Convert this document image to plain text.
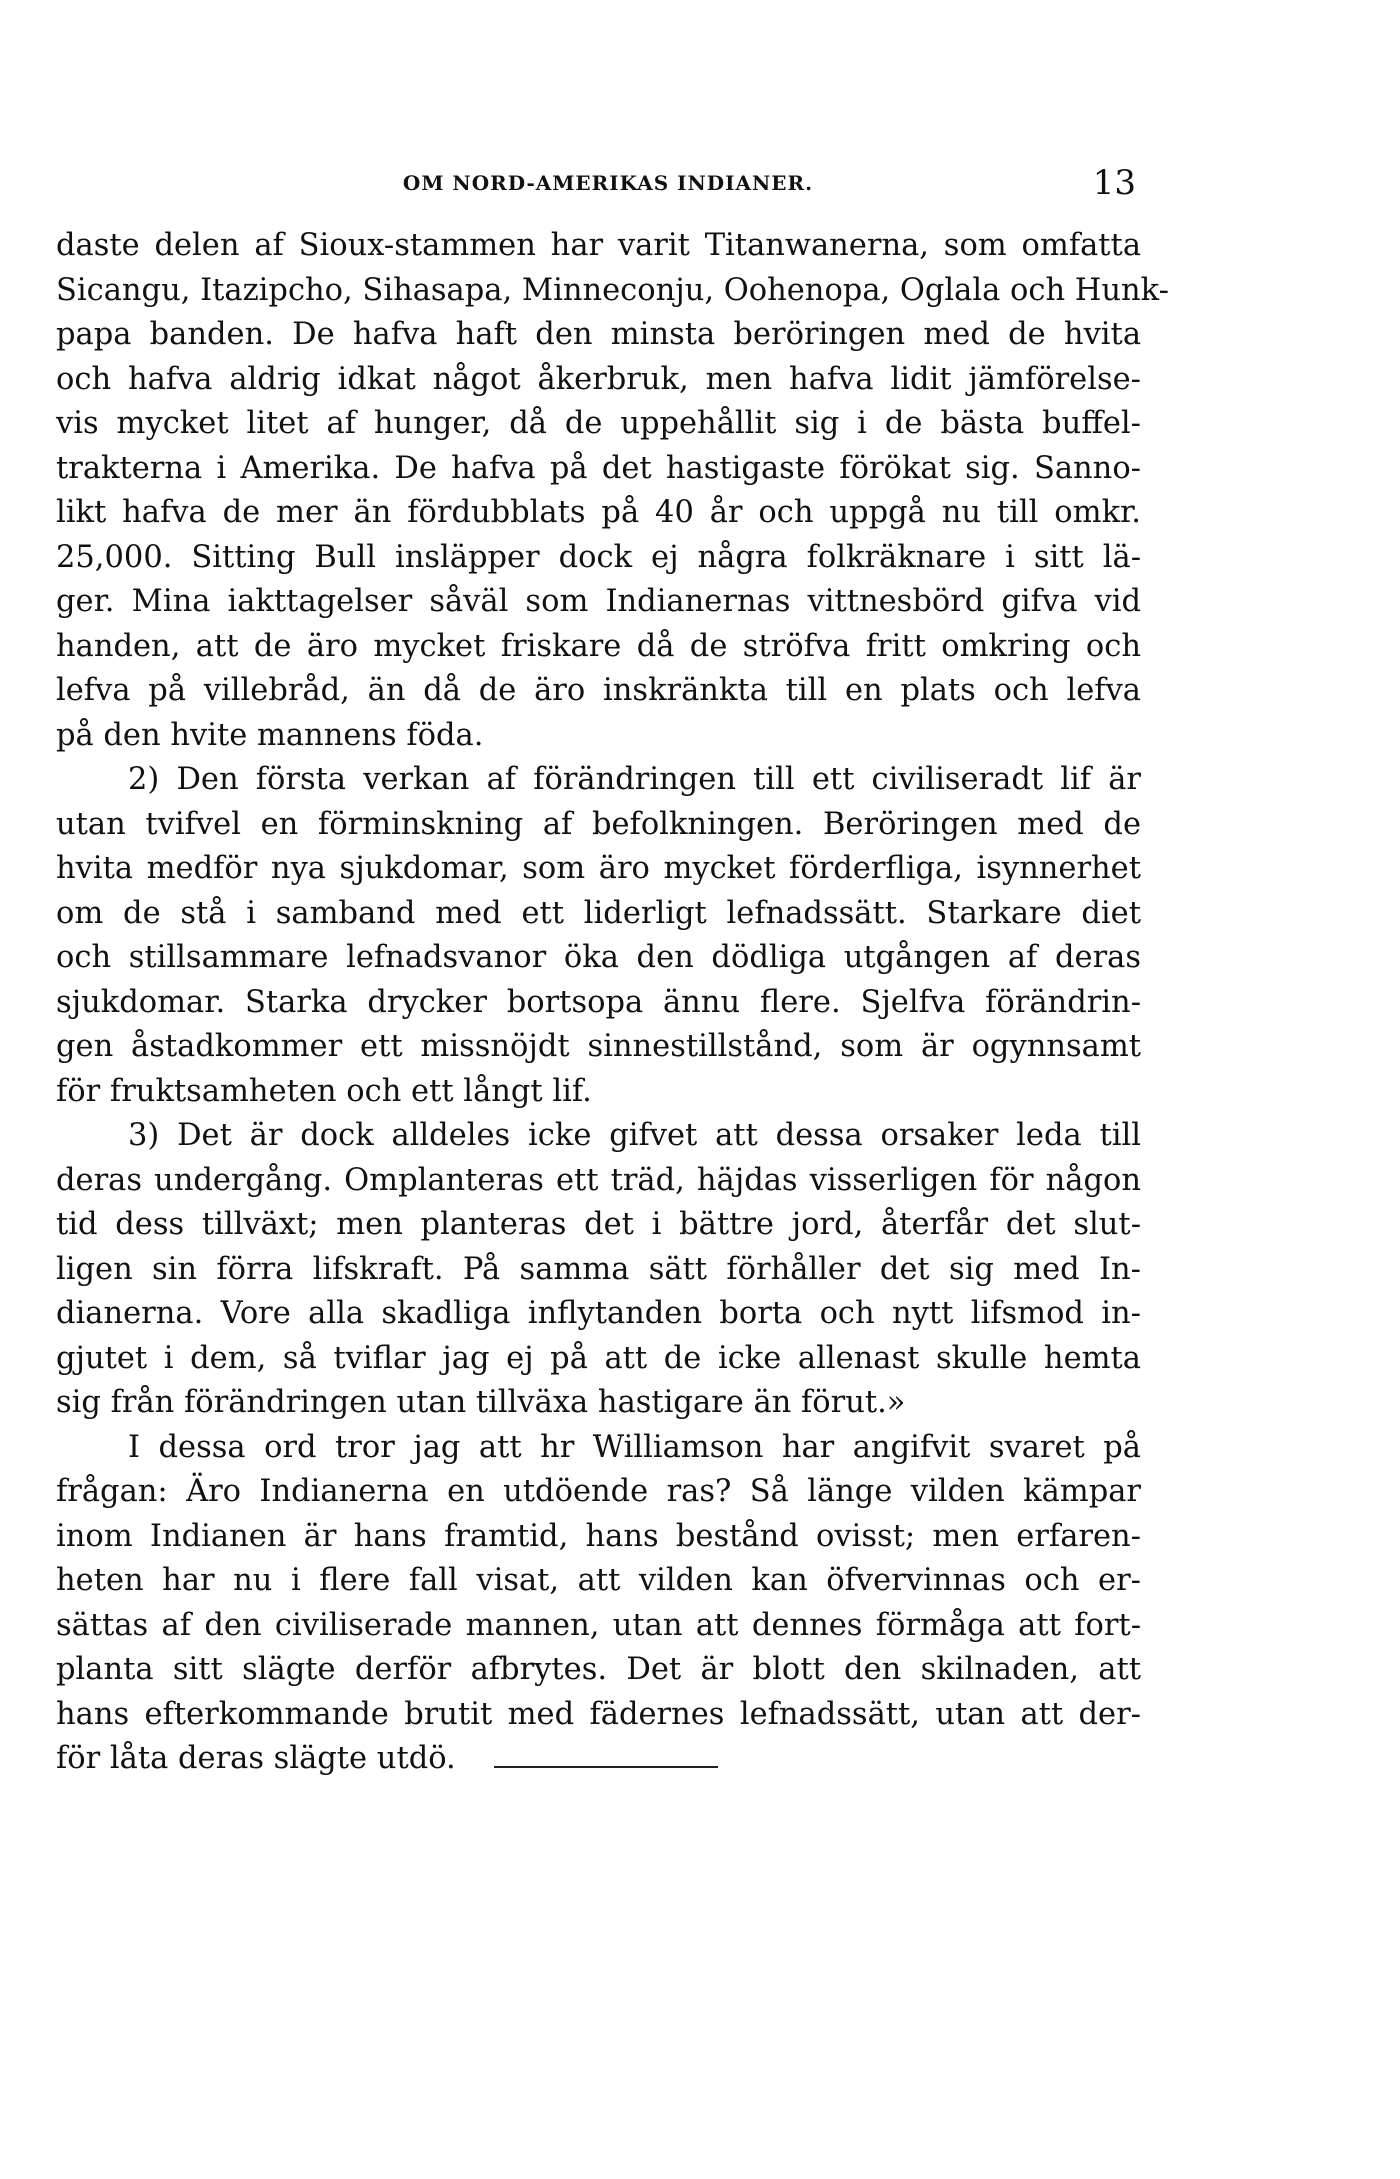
OM NORD-AMERIKAS INDIANER.	13
daste delen af Sioux-stammen har varit Titanwanerna, som omfatta
Sicangu, Itazipcho, Sihasapa, Minneconju, Oohenopa, Oglala och Hunk-
papa banden. De hafva haft den minsta beröringen med de hvita
och hafva aldrig idkat något åkerbruk, men hafva lidit jämförelse-
vis mycket litet af hunger, då de uppehållit sig i de bästa buffel-
trakterna i Amerika. De hafva på det hastigaste förökat sig. Sanno-
likt hafva de mer än fördubblats på 40 år och uppgå nu till omkr.
25,000. Sitting Bull insläpper dock ej några folkräknare i sitt lä-
ger. Mina iakttagelser såväl som Indianernas vittnesbörd gifva vid
handen, att de äro mycket friskare då de ströfva fritt omkring och
lefva på villebråd, än då de äro inskränkta till en plats och lefva
på den hvite mannens föda.
2) Den första verkan af förändringen till ett civiliseradt lif är
utan tvifvel en förminskning af befolkningen. Beröringen med de
hvita medför nya sjukdomar, som äro mycket förderfliga, isynnerhet
om de stå i samband med ett liderligt lefnadssätt. Starkare diet
och stillsammare lefnadsvanor öka den dödliga utgången af deras
sjukdomar. Starka drycker bortsopa ännu flere. Sjelfva förändrin-
gen åstadkommer ett missnöjdt sinnestillstånd, som är ogynnsamt
för fruktsamheten och ett långt lif.
3) Det är dock alldeles icke gifvet att dessa orsaker leda till
deras undergång. Omplanteras ett träd, häjdas visserligen för någon
tid dess tillväxt; men planteras det i bättre jord, återfår det slut-
ligen sin förra lifskraft. På samma sätt förhåller det sig med In-
dianerna. Vore alla skadliga inflytanden borta och nytt lifsmod in-
gjutet i dem, så tviflar jag ej på att de icke allenast skulle hemta
sig från förändringen utan tillväxa hastigare än förut.»
I dessa ord tror jag att hr Williamson har angifvit svaret på
frågan: Äro Indianerna en utdöende ras? Så länge vilden kämpar
inom Indianen är hans framtid, hans bestånd ovisst; men erfaren-
heten har nu i flere fall visat, att vilden kan öfvervinnas och er-
sättas af den civiliserade mannen, utan att dennes förmåga att fort-
planta sitt slägte derför afbrytes. Det är blott den skilnaden, att
hans efterkommande brutit med fädernes lefnadssätt, utan att der-
för låta deras slägte utdö.
